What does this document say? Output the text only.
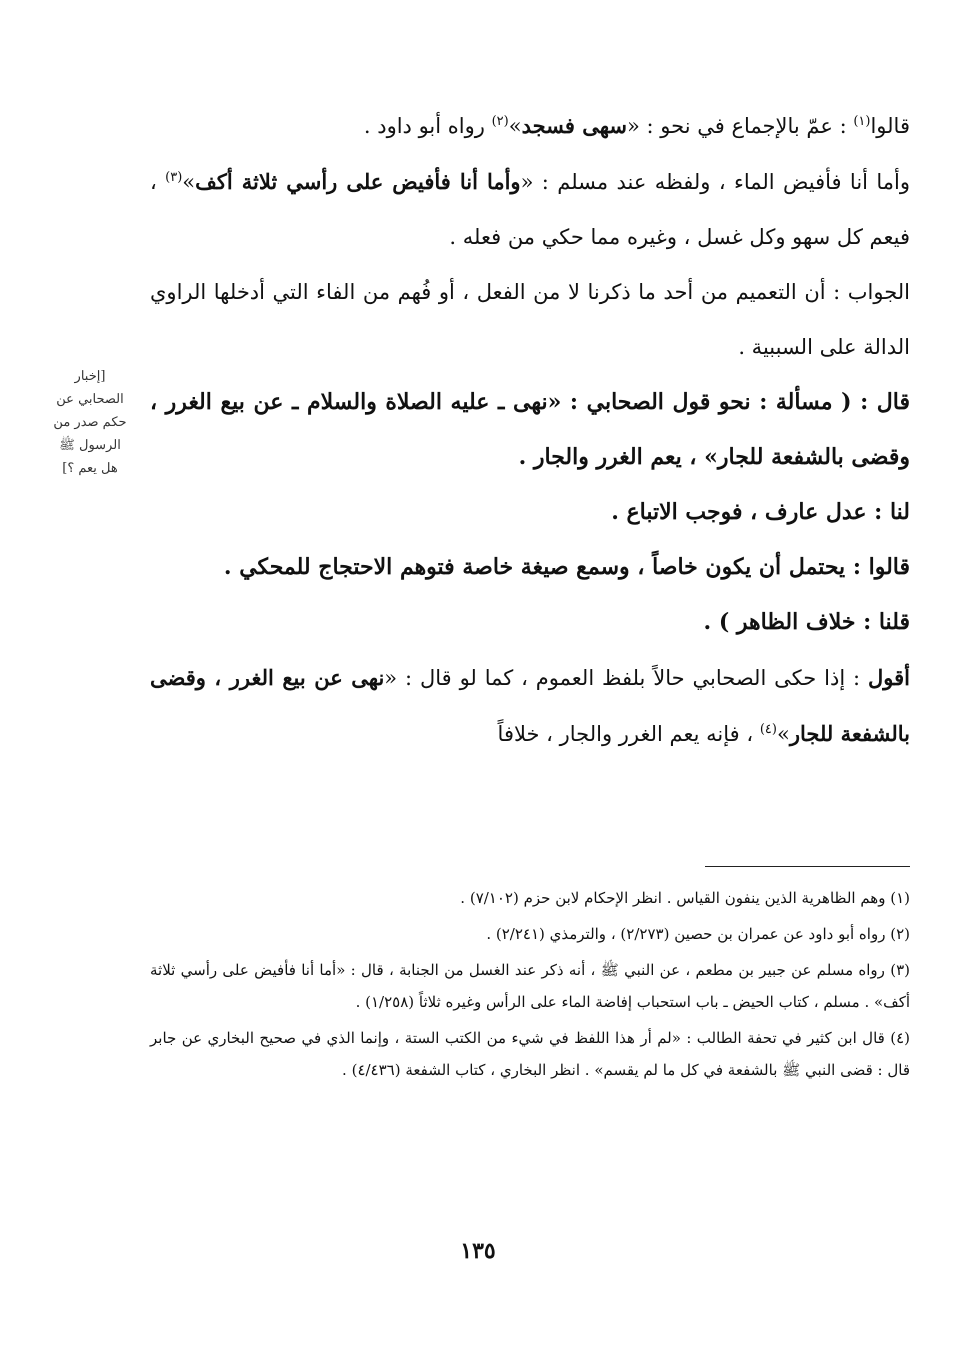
قالوا$^{(١)}$ : عمّ بالإجماع في نحو : «سهى فسجد»$^{(٢)}$ رواه أبو داود .

وأما أنا فأفيض الماء ، ولفظه عند مسلم : «وأما أنا فأفيض على رأسي ثلاثة أكف»$^{(٣)}$ ، فيعم كل سهو وكل غسل ، وغيره مما حكي من فعله .

الجواب : أن التعميم من أحد ما ذكرنا لا من الفعل ، أو فُهم من الفاء التي أدخلها الراوي الدالة على السببية .

قال : ( مسألة : نحو قول الصحابي : «نهى ـ عليه الصلاة والسلام ـ عن بيع الغرر ، وقضى بالشفعة للجار» ، يعم الغرر والجار .

لنا : عدل عارف ، فوجب الاتباع .

قالوا : يحتمل أن يكون خاصاً ، وسمع صيغة خاصة فتوهم الاحتجاج للمحكي .

قلنا : خلاف الظاهر ) .

أقول : إذا حكى الصحابي حالاً بلفظ العموم ، كما لو قال : «نهى عن بيع الغرر ، وقضى بالشفعة للجار»$^{(٤)}$ ، فإنه يعم الغرر والجار ، خلافاً

[إخبار الصحابي عن حكم صدر من الرسول ﷺ هل يعم ؟]

(١) وهم الظاهرية الذين ينفون القياس . انظر الإحكام لابن حزم (٧/١٠٢) .

(٢) رواه أبو داود عن عمران بن حصين (٢/٢٧٣) ، والترمذي (٢/٢٤١) .

(٣) رواه مسلم عن جبير بن مطعم ، عن النبي ﷺ ، أنه ذكر عند الغسل من الجنابة ، قال : «أما أنا فأفيض على رأسي ثلاثة أكف» . مسلم ، كتاب الحيض ـ باب استحباب إفاضة الماء على الرأس وغيره ثلاثاً (١/٢٥٨) .

(٤) قال ابن كثير في تحفة الطالب : «لم أر هذا اللفظ في شيء من الكتب الستة ، وإنما الذي في صحيح البخاري عن جابر قال : قضى النبي ﷺ بالشفعة في كل ما لم يقسم» . انظر البخاري ، كتاب الشفعة (٤/٤٣٦) .

١٣٥
